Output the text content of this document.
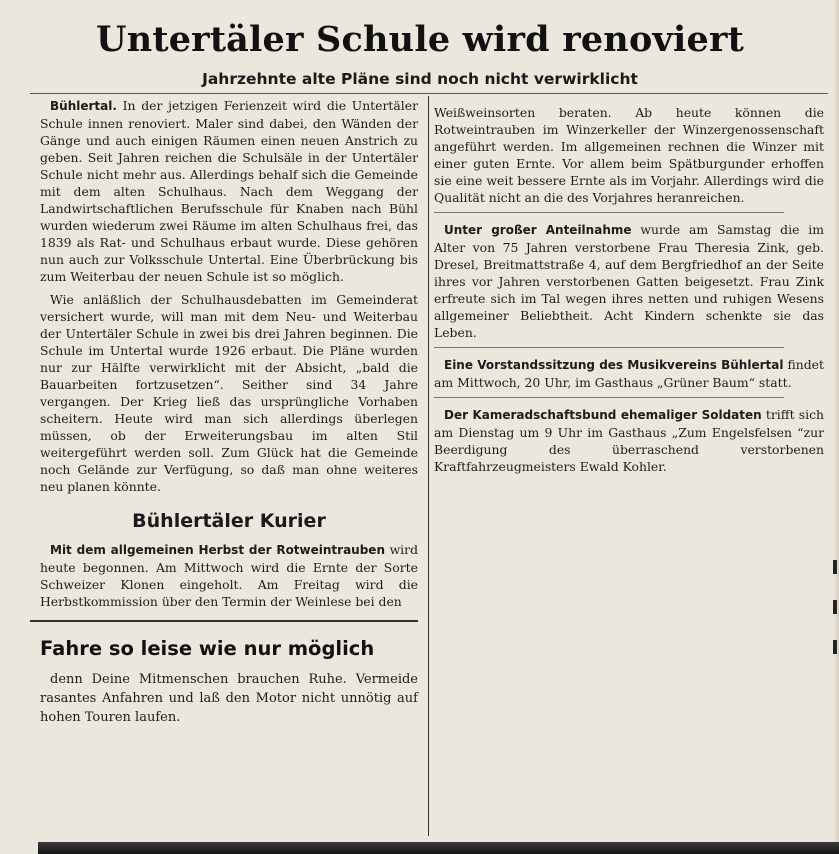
Untertäler Schule wird renoviert
Jahrzehnte alte Pläne sind noch nicht verwirklicht

Bühlertal. In der jetzigen Ferienzeit wird die Untertäler Schule innen renoviert. Maler sind dabei, den Wänden der Gänge und auch einigen Räumen einen neuen Anstrich zu geben. Seit Jahren reichen die Schulsäle in der Untertäler Schule nicht mehr aus. Allerdings behalf sich die Gemeinde mit dem alten Schulhaus. Nach dem Weggang der Landwirtschaftlichen Berufsschule für Knaben nach Bühl wurden wiederum zwei Räume im alten Schulhaus frei, das 1839 als Rat- und Schulhaus erbaut wurde. Diese gehören nun auch zur Volksschule Untertal. Eine Überbrückung bis zum Weiterbau der neuen Schule ist so möglich.

Wie anläßlich der Schulhausdebatten im Gemeinderat versichert wurde, will man mit dem Neu- und Weiterbau der Untertäler Schule in zwei bis drei Jahren beginnen. Die Schule im Untertal wurde 1926 erbaut. Die Pläne wurden nur zur Hälfte verwirklicht mit der Absicht, „bald die Bauarbeiten fortzusetzen“. Seither sind 34 Jahre vergangen. Der Krieg ließ das ursprüngliche Vorhaben scheitern. Heute wird man sich allerdings überlegen müssen, ob der Erweiterungsbau im alten Stil weitergeführt werden soll. Zum Glück hat die Gemeinde noch Gelände zur Verfügung, so daß man ohne weiteres neu planen könnte.

Bühlertäler Kurier

Mit dem allgemeinen Herbst der Rotweintrauben wird heute begonnen. Am Mittwoch wird die Ernte der Sorte Schweizer Klonen eingeholt. Am Freitag wird die Herbstkommission über den Termin der Weinlese bei den

Fahre so leise wie nur möglich

denn Deine Mitmenschen brauchen Ruhe. Vermeide rasantes Anfahren und laß den Motor nicht unnötig auf hohen Touren laufen.

Weißweinsorten beraten. Ab heute können die Rotweintrauben im Winzerkeller der Winzergenossenschaft angeführt werden. Im allgemeinen rechnen die Winzer mit einer guten Ernte. Vor allem beim Spätburgunder erhoffen sie eine weit bessere Ernte als im Vorjahr. Allerdings wird die Qualität nicht an die des Vorjahres heranreichen.

Unter großer Anteilnahme wurde am Samstag die im Alter von 75 Jahren verstorbene Frau Theresia Zink, geb. Dresel, Breitmattstraße 4, auf dem Bergfriedhof an der Seite ihres vor Jahren verstorbenen Gatten beigesetzt. Frau Zink erfreute sich im Tal wegen ihres netten und ruhigen Wesens allgemeiner Beliebtheit. Acht Kindern schenkte sie das Leben.

Eine Vorstandssitzung des Musikvereins Bühlertal findet am Mittwoch, 20 Uhr, im Gasthaus „Grüner Baum“ statt.

Der Kameradschaftsbund ehemaliger Soldaten trifft sich am Dienstag um 9 Uhr im Gasthaus „Zum Engelsfelsen “zur Beerdigung des überraschend verstorbenen Kraftfahrzeugmeisters Ewald Kohler.
